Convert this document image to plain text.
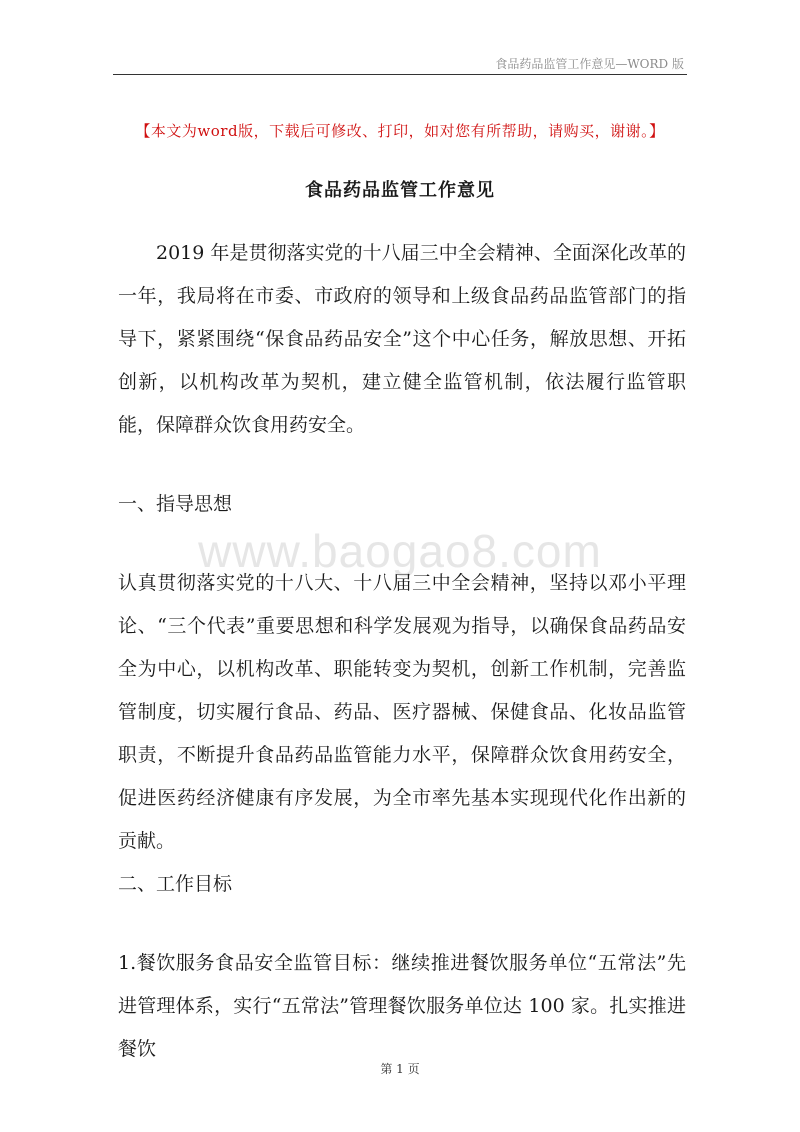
食品药品监管工作意见—WORD 版
【本文为word版，下载后可修改、打印，如对您有所帮助，请购买，谢谢。】
食品药品监管工作意见

2019 年是贯彻落实党的十八届三中全会精神、全面深化改革的一年，我局将在市委、市政府的领导和上级食品药品监管部门的指导下，紧紧围绕“保食品药品安全”这个中心任务，解放思想、开拓创新，以机构改革为契机，建立健全监管机制，依法履行监管职能，保障群众饮食用药安全。

一、指导思想

www.baogao8.com

认真贯彻落实党的十八大、十八届三中全会精神，坚持以邓小平理论、“三个代表”重要思想和科学发展观为指导，以确保食品药品安全为中心，以机构改革、职能转变为契机，创新工作机制，完善监管制度，切实履行食品、药品、医疗器械、保健食品、化妆品监管职责，不断提升食品药品监管能力水平，保障群众饮食用药安全，促进医药经济健康有序发展，为全市率先基本实现现代化作出新的贡献。

二、工作目标

1.餐饮服务食品安全监管目标：继续推进餐饮服务单位“五常法”先进管理体系，实行“五常法”管理餐饮服务单位达 100 家。扎实推进餐饮

第 1 页
